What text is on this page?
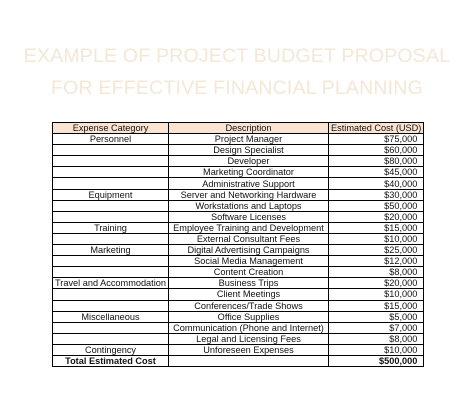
EXAMPLE OF PROJECT BUDGET PROPOSAL
FOR EFFECTIVE FINANCIAL PLANNING
Expense Category	Description	Estimated Cost (USD)
Personnel	Project Manager	$75,000
	Design Specialist	$60,000
	Developer	$80,000
	Marketing Coordinator	$45,000
	Administrative Support	$40,000
Equipment	Server and Networking Hardware	$30,000
	Workstations and Laptops	$50,000
	Software Licenses	$20,000
Training	Employee Training and Development	$15,000
	External Consultant Fees	$10,000
Marketing	Digital Advertising Campaigns	$25,000
	Social Media Management	$12,000
	Content Creation	$8,000
Travel and Accommodation	Business Trips	$20,000
	Client Meetings	$10,000
	Conferences/Trade Shows	$15,000
Miscellaneous	Office Supplies	$5,000
	Communication (Phone and Internet)	$7,000
	Legal and Licensing Fees	$8,000
Contingency	Unforeseen Expenses	$10,000
Total Estimated Cost		$500,000
